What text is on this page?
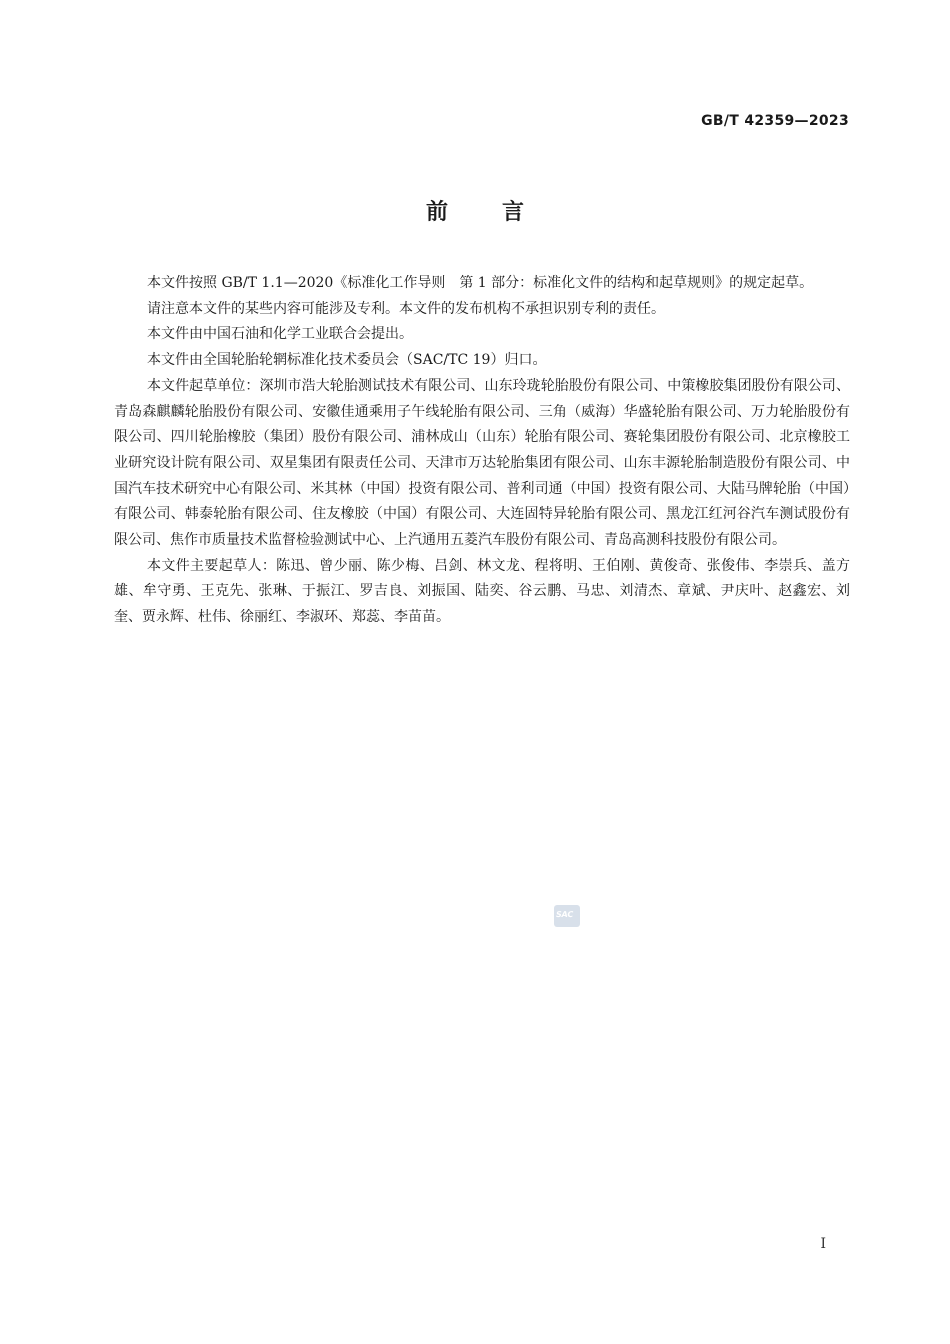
GB/T 42359—2023
前言

本文件按照 GB/T 1.1—2020《标准化工作导则　第 1 部分：标准化文件的结构和起草规则》的规定起草。

请注意本文件的某些内容可能涉及专利。本文件的发布机构不承担识别专利的责任。

本文件由中国石油和化学工业联合会提出。

本文件由全国轮胎轮辋标准化技术委员会（SAC/TC 19）归口。

本文件起草单位：深圳市浩大轮胎测试技术有限公司、山东玲珑轮胎股份有限公司、中策橡胶集团股份有限公司、青岛森麒麟轮胎股份有限公司、安徽佳通乘用子午线轮胎有限公司、三角（威海）华盛轮胎有限公司、万力轮胎股份有限公司、四川轮胎橡胶（集团）股份有限公司、浦林成山（山东）轮胎有限公司、赛轮集团股份有限公司、北京橡胶工业研究设计院有限公司、双星集团有限责任公司、天津市万达轮胎集团有限公司、山东丰源轮胎制造股份有限公司、中国汽车技术研究中心有限公司、米其林（中国）投资有限公司、普利司通（中国）投资有限公司、大陆马牌轮胎（中国）有限公司、韩泰轮胎有限公司、住友橡胶（中国）有限公司、大连固特异轮胎有限公司、黑龙江红河谷汽车测试股份有限公司、焦作市质量技术监督检验测试中心、上汽通用五菱汽车股份有限公司、青岛高测科技股份有限公司。

本文件主要起草人：陈迅、曾少丽、陈少梅、吕剑、林文龙、程将明、王伯刚、黄俊奇、张俊伟、李崇兵、盖方雄、牟守勇、王克先、张琳、于振江、罗吉良、刘振国、陆奕、谷云鹏、马忠、刘清杰、章斌、尹庆叶、赵鑫宏、刘奎、贾永辉、杜伟、徐丽红、李淑环、郑蕊、李苗苗。

SAC
I
